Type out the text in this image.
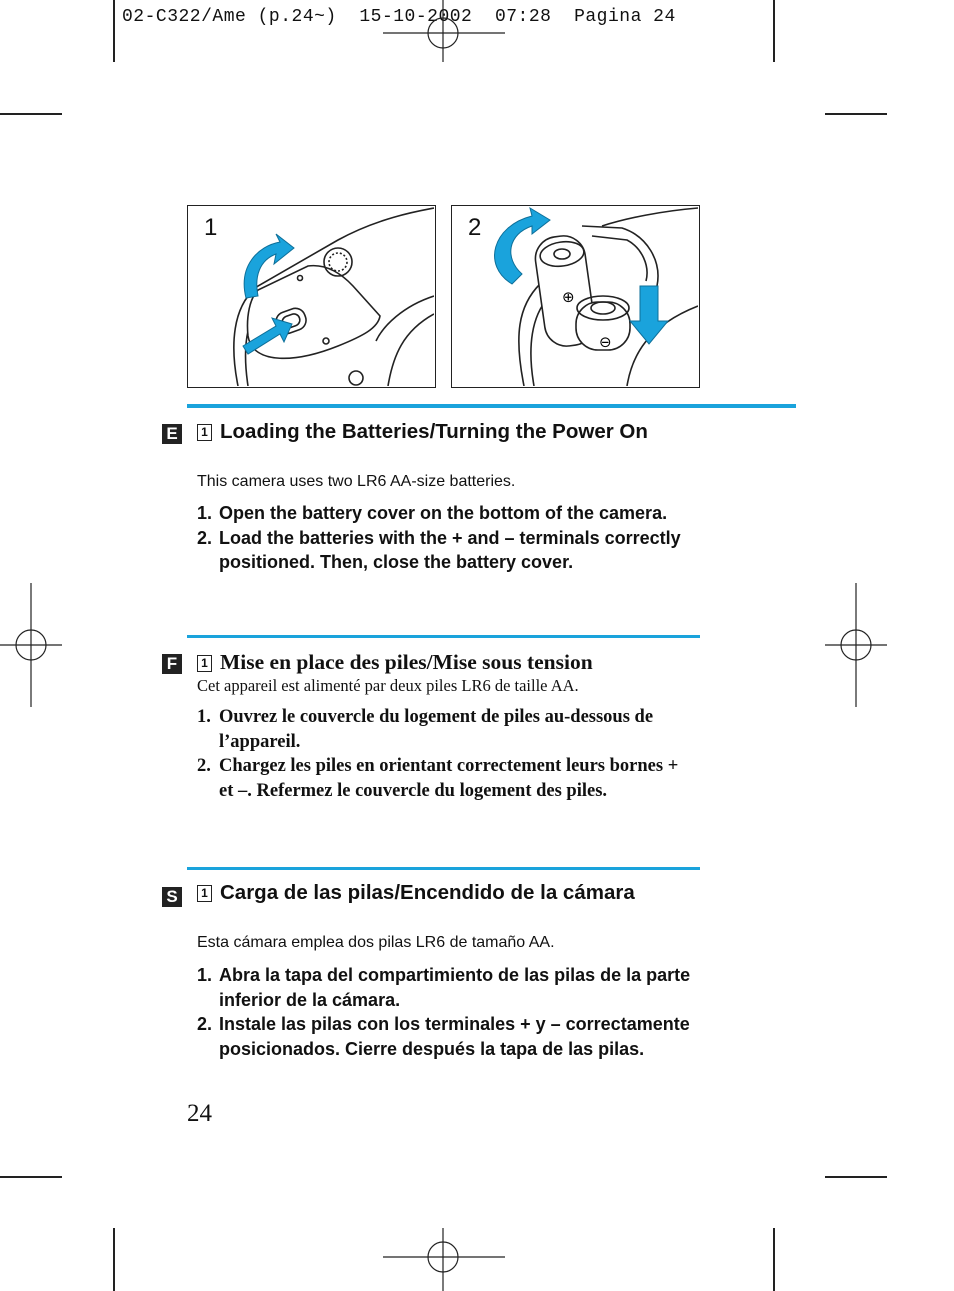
02-C322/Ame (p.24~)  15-10-2002  07:28  Pagina 24
1	2
⊕
⊖
E	1 Loading the Batteries/Turning the Power On
This camera uses two LR6 AA-size batteries.
1. Open the battery cover on the bottom of the camera.
2. Load the batteries with the + and – terminals correctly positioned. Then, close the battery cover.
F	1 Mise en place des piles/Mise sous tension
Cet appareil est alimenté par deux piles LR6 de taille AA.
1. Ouvrez le couvercle du logement de piles au-dessous de l’appareil.
2. Chargez les piles en orientant correctement leurs bornes + et –. Refermez le couvercle du logement des piles.
S	1 Carga de las pilas/Encendido de la cámara
Esta cámara emplea dos pilas LR6 de tamaño AA.
1. Abra la tapa del compartimiento de las pilas de la parte inferior de la cámara.
2. Instale las pilas con los terminales + y – correctamente posicionados. Cierre después la tapa de las pilas.
24
